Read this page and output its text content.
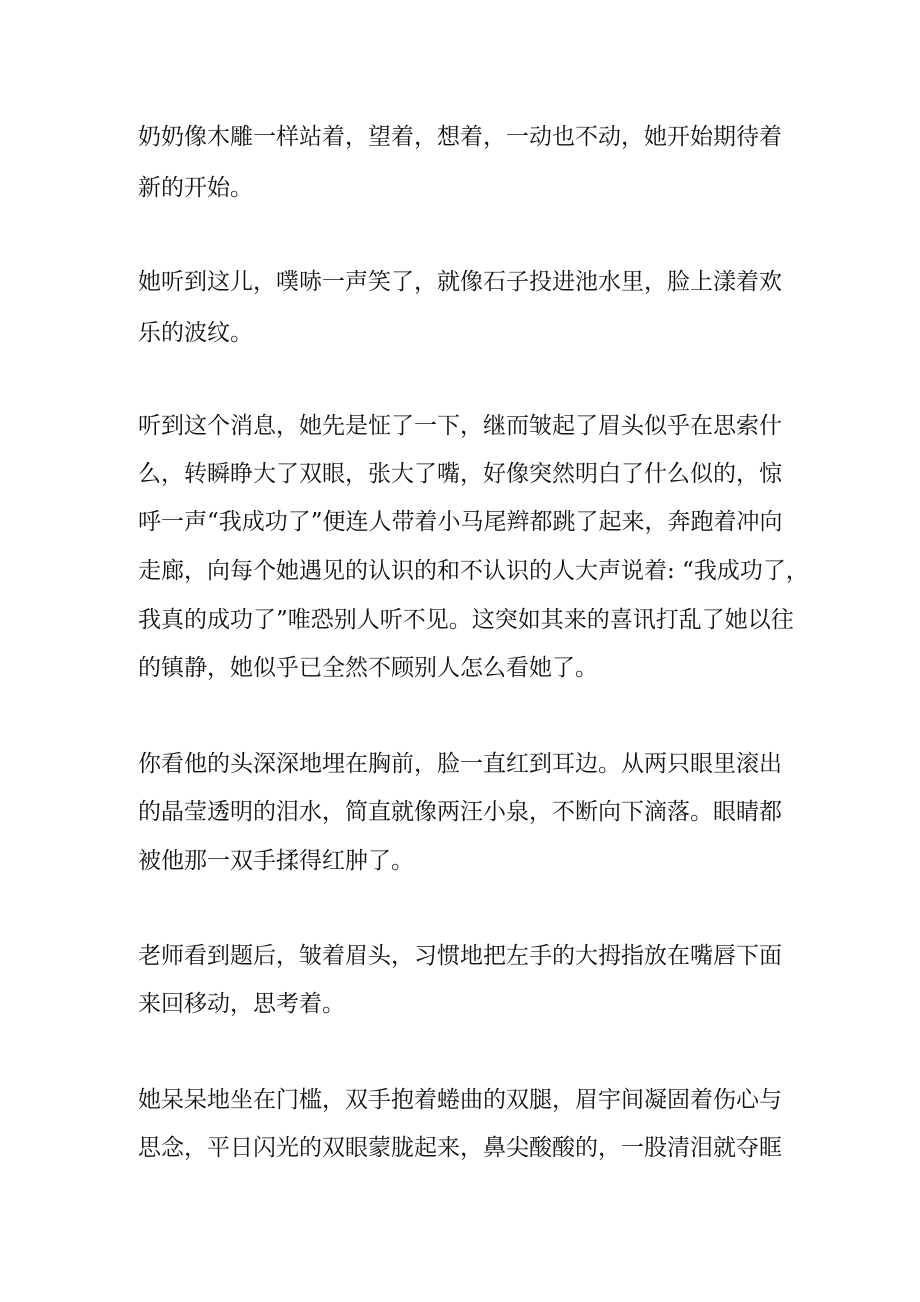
奶奶像木雕一样站着，望着，想着，一动也不动，她开始期待着

新的开始。

她听到这儿，噗哧一声笑了，就像石子投进池水里，脸上漾着欢

乐的波纹。

听到这个消息，她先是怔了一下，继而皱起了眉头似乎在思索什

么，转瞬睁大了双眼，张大了嘴，好像突然明白了什么似的，惊

呼一声“我成功了”便连人带着小马尾辫都跳了起来，奔跑着冲向

走廊，向每个她遇见的认识的和不认识的人大声说着: “我成功了，

我真的成功了”唯恐别人听不见。这突如其来的喜讯打乱了她以往

的镇静，她似乎已全然不顾别人怎么看她了。

你看他的头深深地埋在胸前，脸一直红到耳边。从两只眼里滚出

的晶莹透明的泪水，简直就像两汪小泉，不断向下滴落。眼睛都

被他那一双手揉得红肿了。

老师看到题后，皱着眉头，习惯地把左手的大拇指放在嘴唇下面

来回移动，思考着。

她呆呆地坐在门槛，双手抱着蜷曲的双腿，眉宇间凝固着伤心与

思念，平日闪光的双眼蒙胧起来，鼻尖酸酸的，一股清泪就夺眶
